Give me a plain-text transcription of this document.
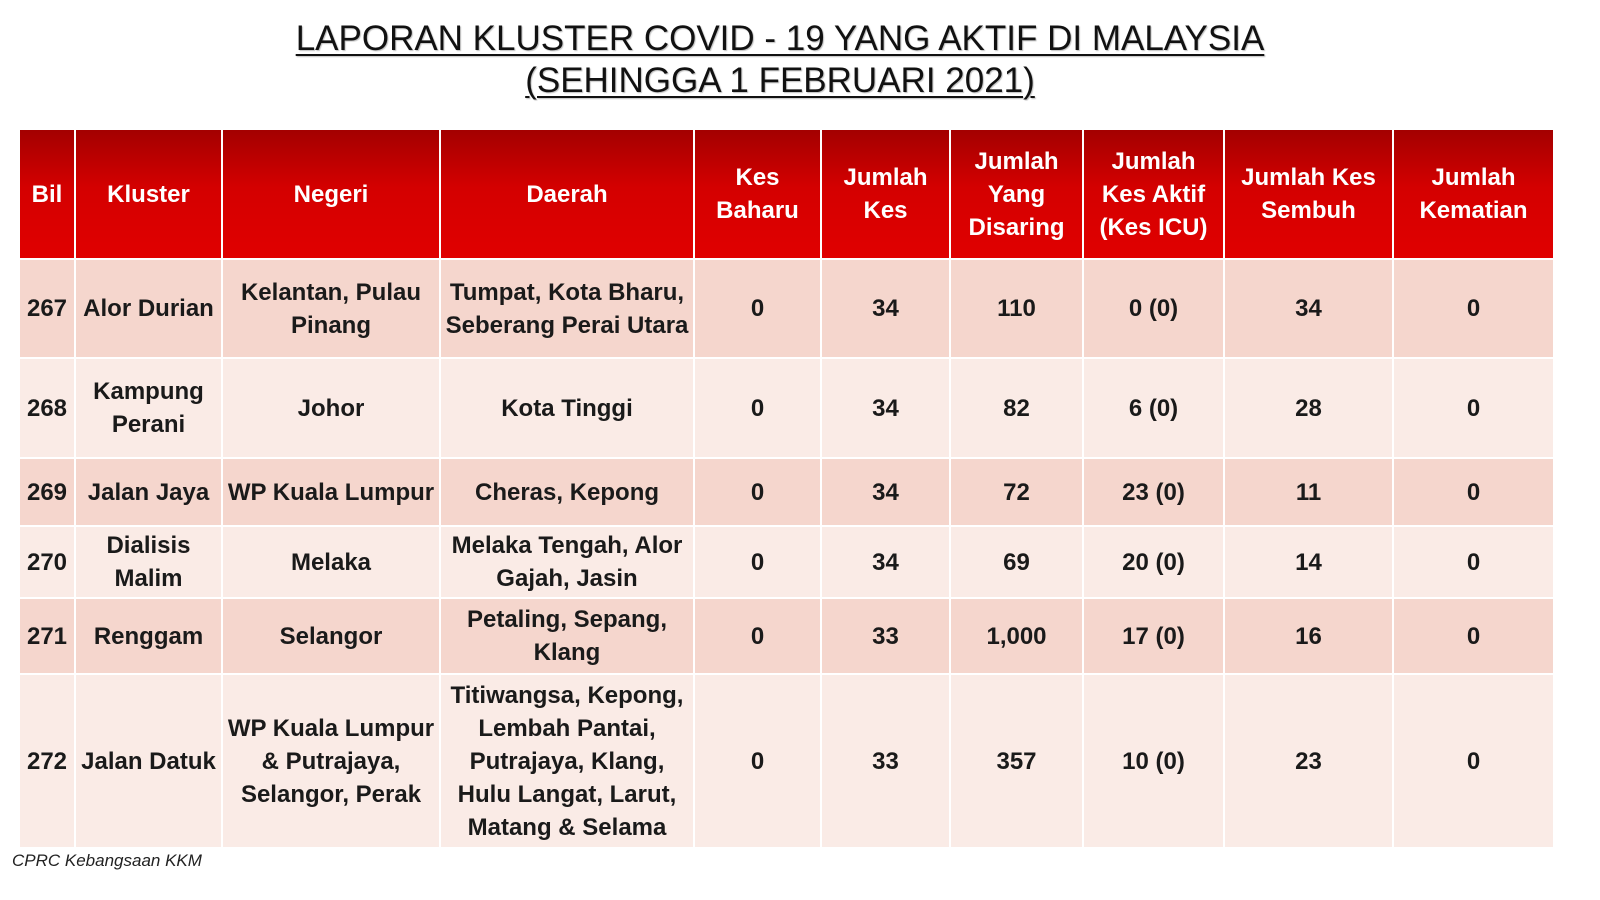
LAPORAN KLUSTER COVID - 19 YANG AKTIF DI MALAYSIA
(SEHINGGA 1 FEBRUARI 2021)
Bil	Kluster	Negeri	Daerah	Kes Baharu	Jumlah Kes	Jumlah Yang Disaring	Jumlah Kes Aktif (Kes ICU)	Jumlah Kes Sembuh	Jumlah Kematian
267	Alor Durian	Kelantan, Pulau Pinang	Tumpat, Kota Bharu, Seberang Perai Utara	0	34	110	0 (0)	34	0
268	Kampung Perani	Johor	Kota Tinggi	0	34	82	6 (0)	28	0
269	Jalan Jaya	WP Kuala Lumpur	Cheras, Kepong	0	34	72	23 (0)	11	0
270	Dialisis Malim	Melaka	Melaka Tengah, Alor Gajah, Jasin	0	34	69	20 (0)	14	0
271	Renggam	Selangor	Petaling, Sepang, Klang	0	33	1,000	17 (0)	16	0
272	Jalan Datuk	WP Kuala Lumpur & Putrajaya, Selangor, Perak	Titiwangsa, Kepong, Lembah Pantai, Putrajaya, Klang, Hulu Langat, Larut, Matang & Selama	0	33	357	10 (0)	23	0
CPRC Kebangsaan KKM
